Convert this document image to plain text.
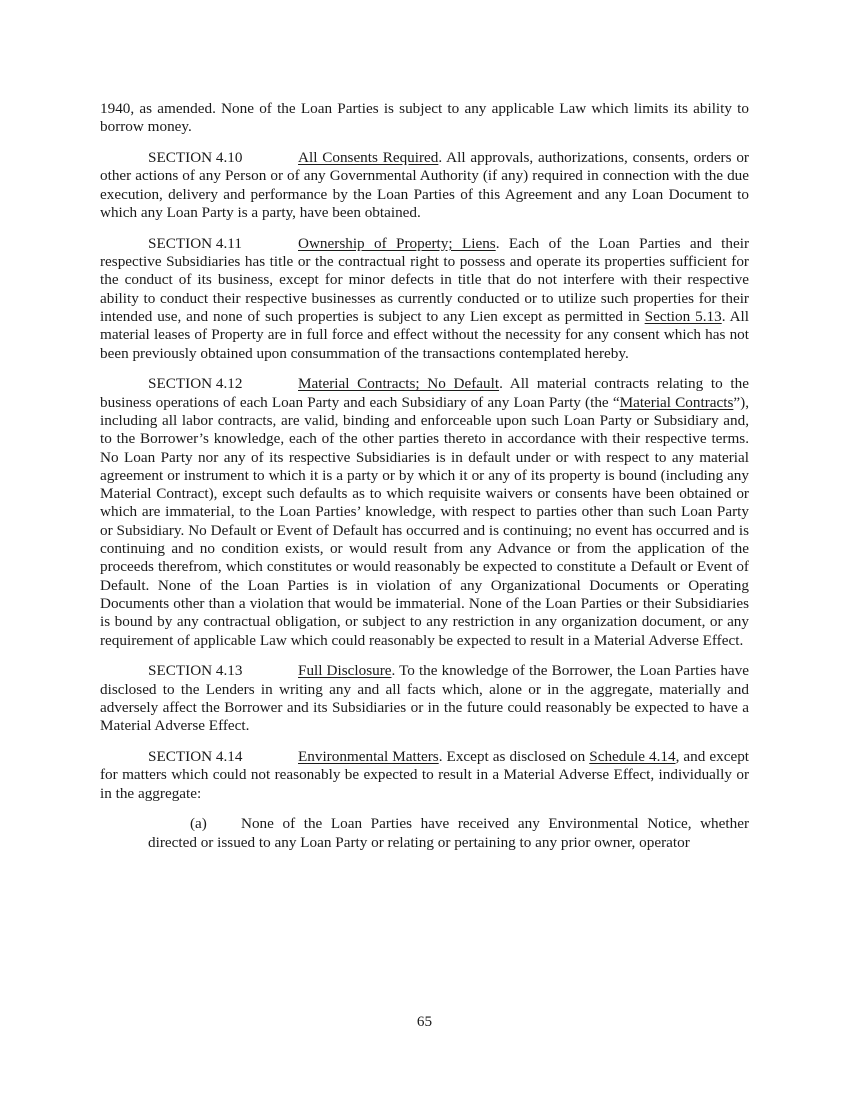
1940, as amended. None of the Loan Parties is subject to any applicable Law which limits its ability to borrow money.

SECTION 4.10	All Consents Required. All approvals, authorizations, consents, orders or other actions of any Person or of any Governmental Authority (if any) required in connection with the due execution, delivery and performance by the Loan Parties of this Agreement and any Loan Document to which any Loan Party is a party, have been obtained.

SECTION 4.11	Ownership of Property; Liens. Each of the Loan Parties and their respective Subsidiaries has title or the contractual right to possess and operate its properties sufficient for the conduct of its business, except for minor defects in title that do not interfere with their respective ability to conduct their respective businesses as currently conducted or to utilize such properties for their intended use, and none of such properties is subject to any Lien except as permitted in Section 5.13. All material leases of Property are in full force and effect without the necessity for any consent which has not been previously obtained upon consummation of the transactions contemplated hereby.

SECTION 4.12	Material Contracts; No Default. All material contracts relating to the business operations of each Loan Party and each Subsidiary of any Loan Party (the “Material Contracts”), including all labor contracts, are valid, binding and enforceable upon such Loan Party or Subsidiary and, to the Borrower’s knowledge, each of the other parties thereto in accordance with their respective terms. No Loan Party nor any of its respective Subsidiaries is in default under or with respect to any material agreement or instrument to which it is a party or by which it or any of its property is bound (including any Material Contract), except such defaults as to which requisite waivers or consents have been obtained or which are immaterial, to the Loan Parties’ knowledge, with respect to parties other than such Loan Party or Subsidiary. No Default or Event of Default has occurred and is continuing; no event has occurred and is continuing and no condition exists, or would result from any Advance or from the application of the proceeds therefrom, which constitutes or would reasonably be expected to constitute a Default or Event of Default. None of the Loan Parties is in violation of any Organizational Documents or Operating Documents other than a violation that would be immaterial. None of the Loan Parties or their Subsidiaries is bound by any contractual obligation, or subject to any restriction in any organization document, or any requirement of applicable Law which could reasonably be expected to result in a Material Adverse Effect.

SECTION 4.13	Full Disclosure. To the knowledge of the Borrower, the Loan Parties have disclosed to the Lenders in writing any and all facts which, alone or in the aggregate, materially and adversely affect the Borrower and its Subsidiaries or in the future could reasonably be expected to have a Material Adverse Effect.

SECTION 4.14	Environmental Matters. Except as disclosed on Schedule 4.14, and except for matters which could not reasonably be expected to result in a Material Adverse Effect, individually or in the aggregate:

(a) None of the Loan Parties have received any Environmental Notice, whether directed or issued to any Loan Party or relating or pertaining to any prior owner, operator

65
